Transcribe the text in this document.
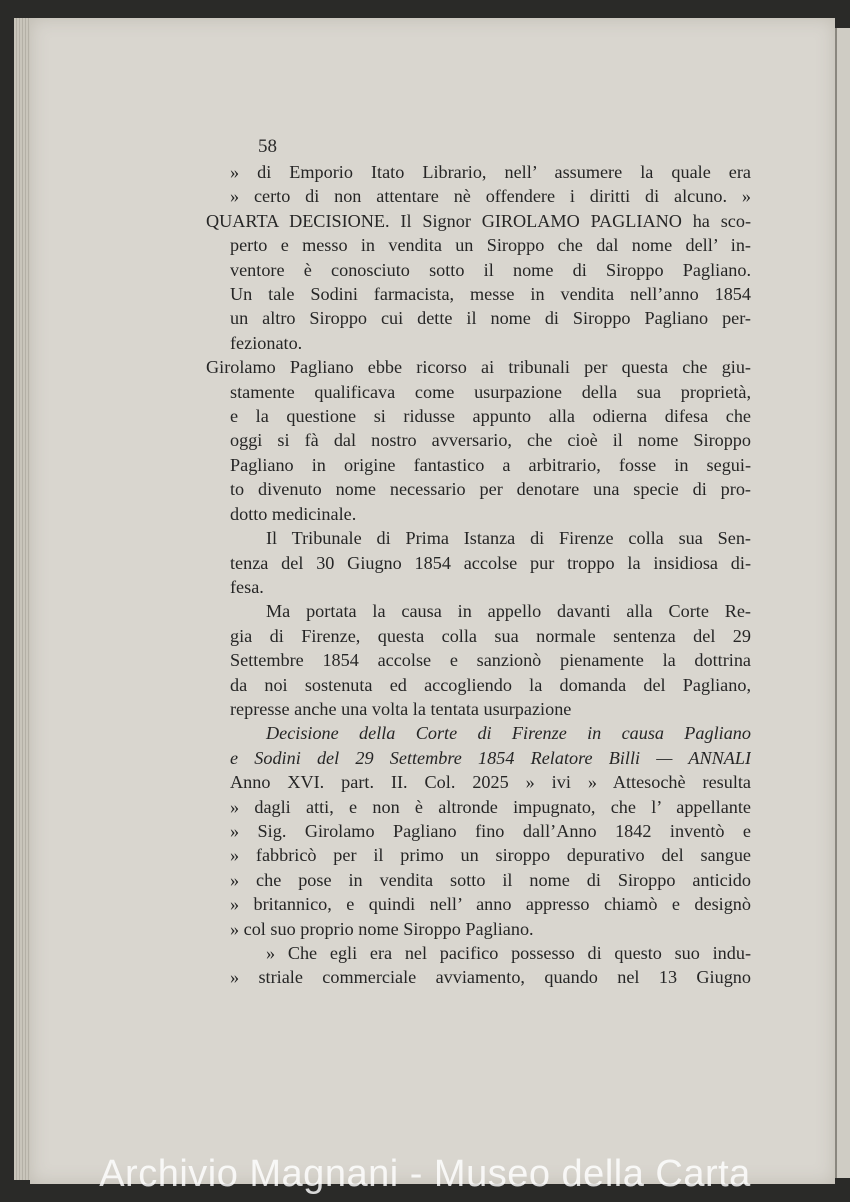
58
» di Emporio Itato Librario, nell’ assumere la quale era
» certo di non attentare nè offendere i diritti di alcuno. »
QUARTA DECISIONE. Il Signor GIROLAMO PAGLIANO ha sco-
perto e messo in vendita un Siroppo che dal nome dell’ in-
ventore è conosciuto sotto il nome di Siroppo Pagliano.
Un tale Sodini farmacista, messe in vendita nell’anno 1854
un altro Siroppo cui dette il nome di Siroppo Pagliano per-
fezionato.
Girolamo Pagliano ebbe ricorso ai tribunali per questa che giu-
stamente qualificava come usurpazione della sua proprietà,
e la questione si ridusse appunto alla odierna difesa che
oggi si fà dal nostro avversario, che cioè il nome Siroppo
Pagliano in origine fantastico a arbitrario, fosse in segui-
to divenuto nome necessario per denotare una specie di pro-
dotto medicinale.
Il Tribunale di Prima Istanza di Firenze colla sua Sen-
tenza del 30 Giugno 1854 accolse pur troppo la insidiosa di-
fesa.
Ma portata la causa in appello davanti alla Corte Re-
gia di Firenze, questa colla sua normale sentenza del 29
Settembre 1854 accolse e sanzionò pienamente la dottrina
da noi sostenuta ed accogliendo la domanda del Pagliano,
represse anche una volta la tentata usurpazione
Decisione della Corte di Firenze in causa Pagliano
e Sodini del 29 Settembre 1854 Relatore Billi — ANNALI
Anno XVI. part. II. Col. 2025 » ivi » Attesochè resulta
» dagli atti, e non è altronde impugnato, che l’ appellante
» Sig. Girolamo Pagliano fino dall’Anno 1842 inventò e
» fabbricò per il primo un siroppo depurativo del sangue
» che pose in vendita sotto il nome di Siroppo anticido
» britannico, e quindi nell’ anno appresso chiamò e designò
» col suo proprio nome Siroppo Pagliano.
» Che egli era nel pacifico possesso di questo suo indu-
» striale commerciale avviamento, quando nel 13 Giugno
Archivio Magnani - Museo della Carta
